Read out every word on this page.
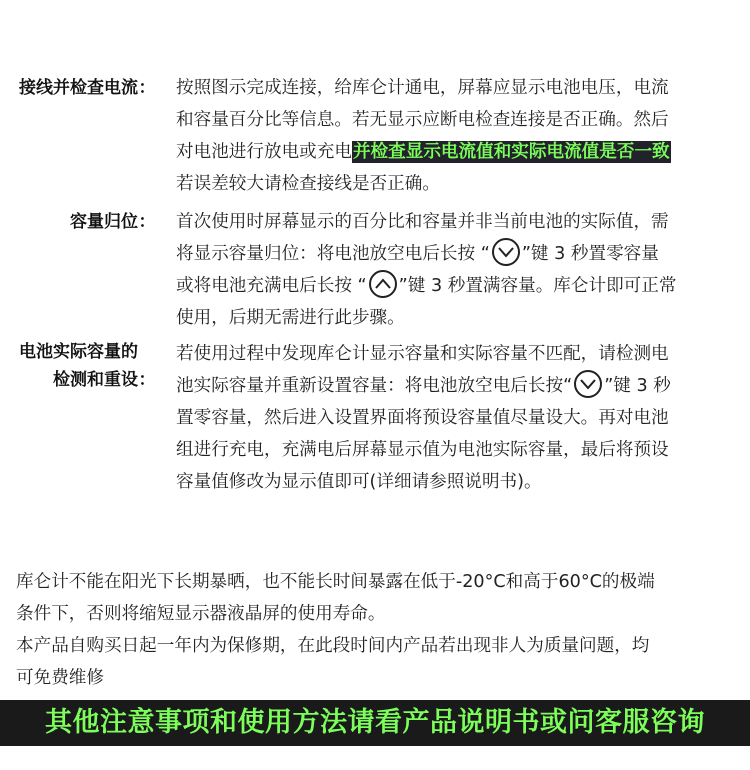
接线并检查电流： 按照图示完成连接，给库仑计通电，屏幕应显示电池电压，电流
和容量百分比等信息。若无显示应断电检查连接是否正确。然后
对电池进行放电或充电并检查显示电流值和实际电流值是否一致
若误差较大请检查接线是否正确。
容量归位： 首次使用时屏幕显示的百分比和容量并非当前电池的实际值，需
将显示容量归位：将电池放空电后长按 “ ”键 3 秒置零容量
或将电池充满电后长按 “ ”键 3 秒置满容量。库仑计即可正常
使用，后期无需进行此步骤。
电池实际容量的
检测和重设：
若使用过程中发现库仑计显示容量和实际容量不匹配，请检测电
池实际容量并重新设置容量：将电池放空电后长按“ ”键 3 秒
置零容量，然后进入设置界面将预设容量值尽量设大。再对电池
组进行充电，充满电后屏幕显示值为电池实际容量，最后将预设
容量值修改为显示值即可(详细请参照说明书)。
库仑计不能在阳光下长期暴晒，也不能长时间暴露在低于-20°C和高于60°C的极端
条件下，否则将缩短显示器液晶屏的使用寿命。
本产品自购买日起一年内为保修期，在此段时间内产品若出现非人为质量问题，均
可免费维修
其他注意事项和使用方法请看产品说明书或问客服咨询
